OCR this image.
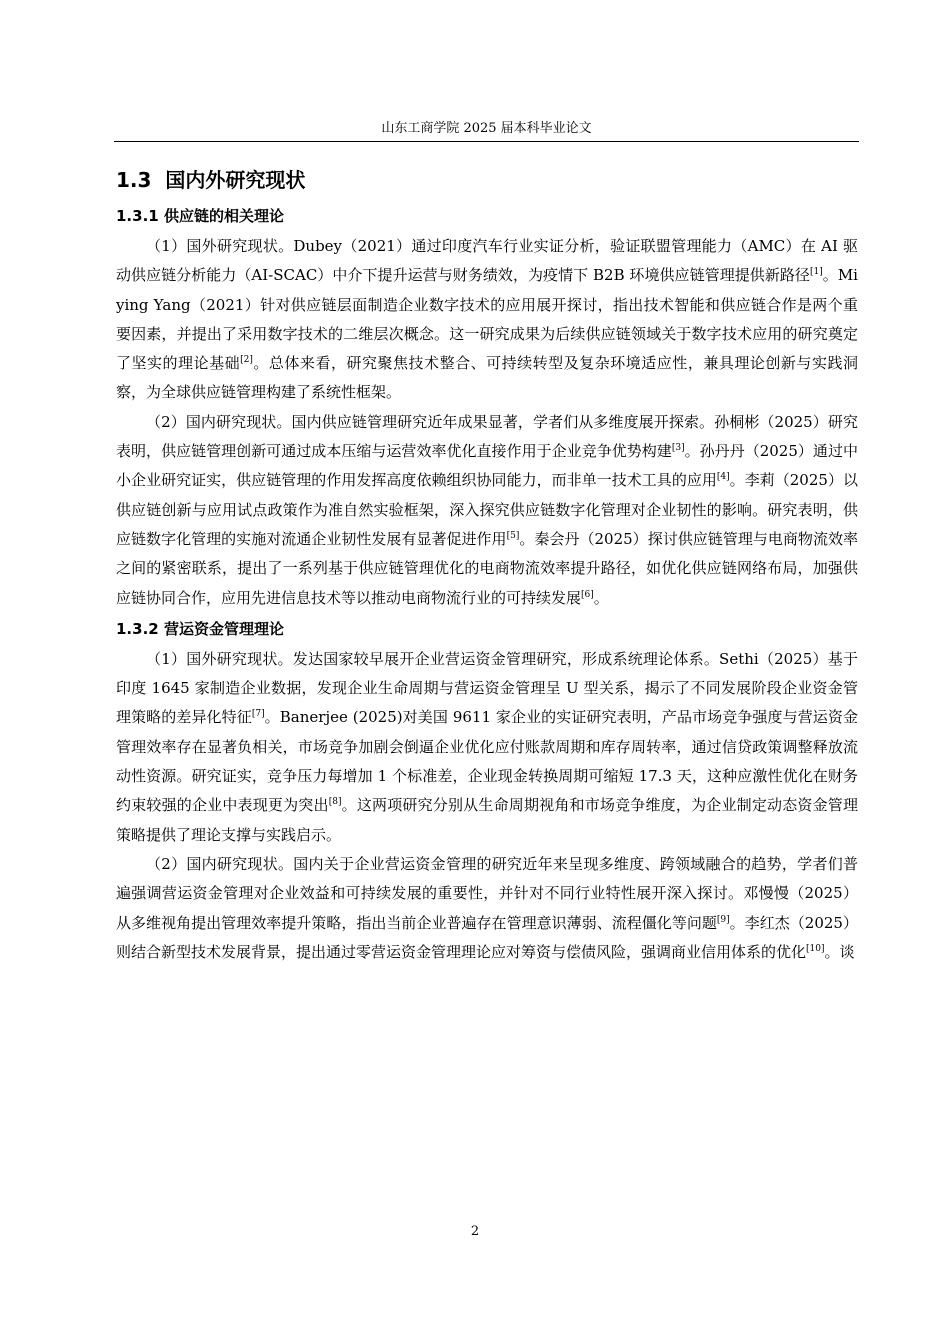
山东工商学院 2025 届本科毕业论文
1.3 国内外研究现状
1.3.1 供应链的相关理论

（1）国外研究现状。Dubey（2021）通过印度汽车行业实证分析，验证联盟管理能力（AMC）在 AI 驱动供应链分析能力（AI-SCAC）中介下提升运营与财务绩效，为疫情下 B2B 环境供应链管理提供新路径[1]。Miying Yang（2021）针对供应链层面制造企业数字技术的应用展开探讨，指出技术智能和供应链合作是两个重要因素，并提出了采用数字技术的二维层次概念。这一研究成果为后续供应链领域关于数字技术应用的研究奠定了坚实的理论基础[2]。总体来看，研究聚焦技术整合、可持续转型及复杂环境适应性，兼具理论创新与实践洞察，为全球供应链管理构建了系统性框架。

（2）国内研究现状。国内供应链管理研究近年成果显著，学者们从多维度展开探索。孙桐彬（2025）研究表明，供应链管理创新可通过成本压缩与运营效率优化直接作用于企业竞争优势构建[3]。孙丹丹（2025）通过中小企业研究证实，供应链管理的作用发挥高度依赖组织协同能力，而非单一技术工具的应用[4]。李莉（2025）以供应链创新与应用试点政策作为准自然实验框架，深入探究供应链数字化管理对企业韧性的影响。研究表明，供应链数字化管理的实施对流通企业韧性发展有显著促进作用[5]。秦会丹（2025）探讨供应链管理与电商物流效率之间的紧密联系，提出了一系列基于供应链管理优化的电商物流效率提升路径，如优化供应链网络布局，加强供应链协同合作，应用先进信息技术等以推动电商物流行业的可持续发展[6]。

1.3.2 营运资金管理理论

（1）国外研究现状。发达国家较早展开企业营运资金管理研究，形成系统理论体系。Sethi（2025）基于印度 1645 家制造企业数据，发现企业生命周期与营运资金管理呈 U 型关系，揭示了不同发展阶段企业资金管理策略的差异化特征[7]。Banerjee (2025)对美国 9611 家企业的实证研究表明，产品市场竞争强度与营运资金管理效率存在显著负相关，市场竞争加剧会倒逼企业优化应付账款周期和库存周转率，通过信贷政策调整释放流动性资源。研究证实，竞争压力每增加 1 个标准差，企业现金转换周期可缩短 17.3 天，这种应激性优化在财务约束较强的企业中表现更为突出[8]。这两项研究分别从生命周期视角和市场竞争维度，为企业制定动态资金管理策略提供了理论支撑与实践启示。

（2）国内研究现状。国内关于企业营运资金管理的研究近年来呈现多维度、跨领域融合的趋势，学者们普遍强调营运资金管理对企业效益和可持续发展的重要性，并针对不同行业特性展开深入探讨。邓慢慢（2025）从多维视角提出管理效率提升策略，指出当前企业普遍存在管理意识薄弱、流程僵化等问题[9]。李红杰（2025）则结合新型技术发展背景，提出通过零营运资金管理理论应对筹资与偿债风险，强调商业信用体系的优化[10]。谈

2
